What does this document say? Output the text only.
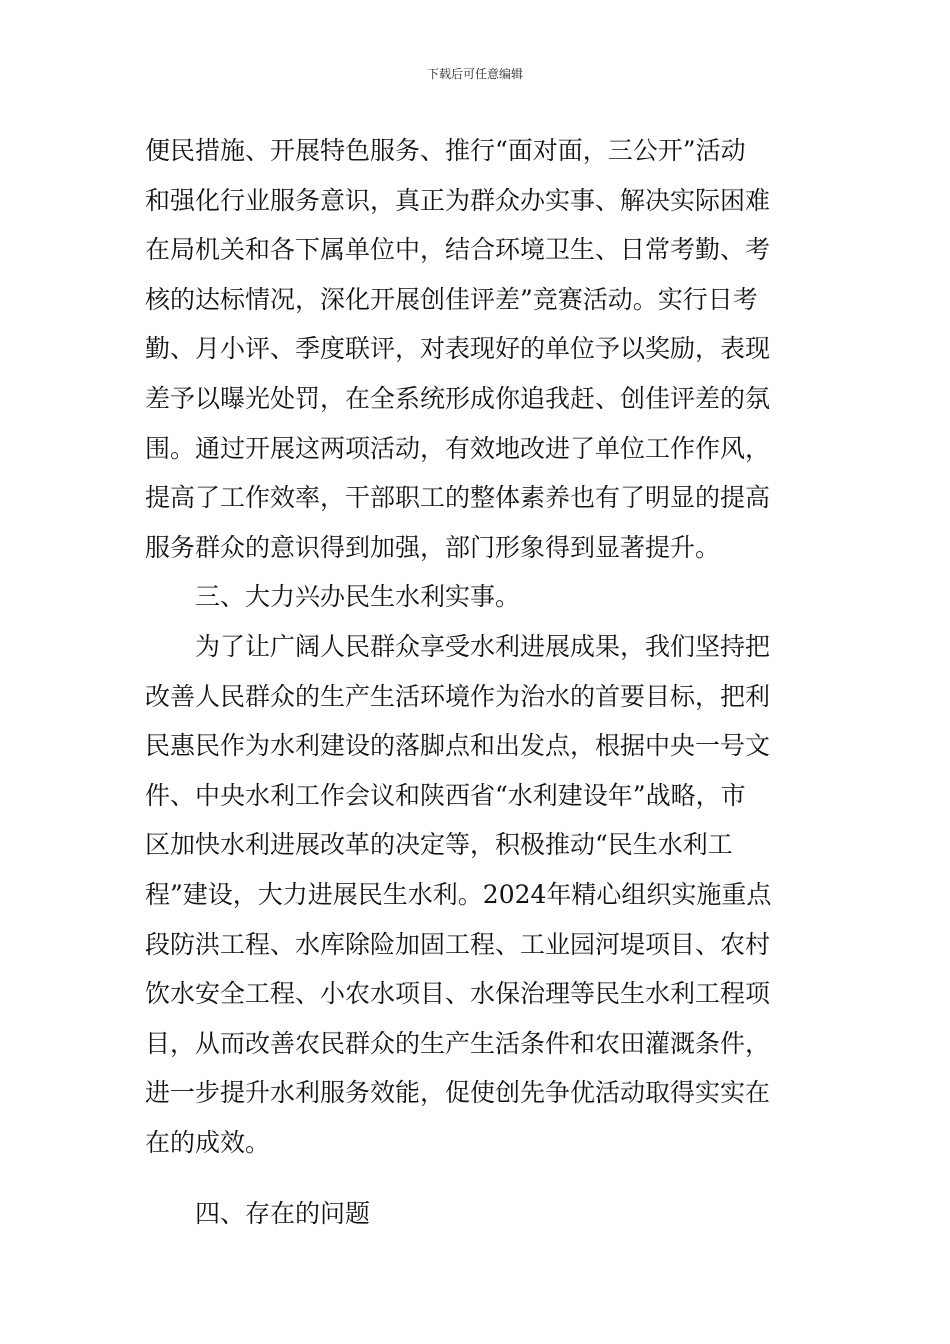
下载后可任意编辑
便民措施、开展特色服务、推行“面对面，三公开”活动
和强化行业服务意识，真正为群众办实事、解决实际困难
在局机关和各下属单位中，结合环境卫生、日常考勤、考
核的达标情况，深化开展创佳评差”竞赛活动。实行日考
勤、月小评、季度联评，对表现好的单位予以奖励，表现
差予以曝光处罚，在全系统形成你追我赶、创佳评差的氛
围。通过开展这两项活动，有效地改进了单位工作作风，
提高了工作效率，干部职工的整体素养也有了明显的提高
服务群众的意识得到加强，部门形象得到显著提升。
　　三、大力兴办民生水利实事。
　　为了让广阔人民群众享受水利进展成果，我们坚持把
改善人民群众的生产生活环境作为治水的首要目标，把利
民惠民作为水利建设的落脚点和出发点，根据中央一号文
件、中央水利工作会议和陕西省“水利建设年”战略，市
区加快水利进展改革的决定等，积极推动“民生水利工
程”建设，大力进展民生水利。2024年精心组织实施重点
段防洪工程、水库除险加固工程、工业园河堤项目、农村
饮水安全工程、小农水项目、水保治理等民生水利工程项
目，从而改善农民群众的生产生活条件和农田灌溉条件，
进一步提升水利服务效能，促使创先争优活动取得实实在
在的成效。
　　四、存在的问题
